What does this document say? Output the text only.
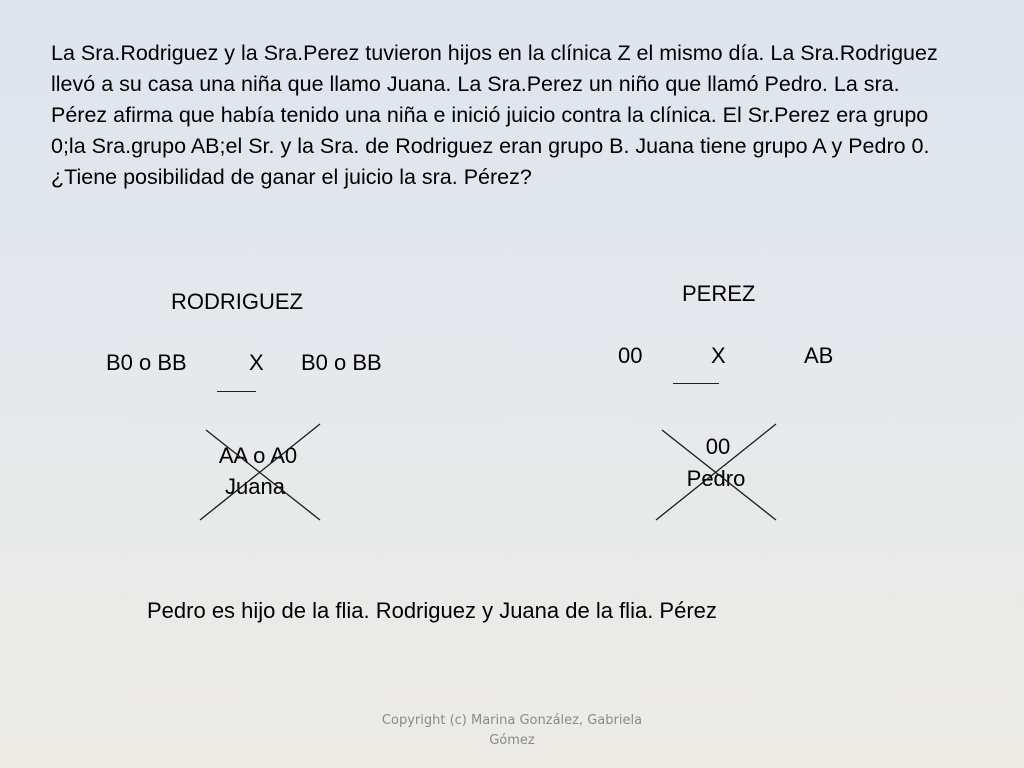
La Sra.Rodriguez y la Sra.Perez tuvieron hijos en la clínica Z el mismo día. La Sra.Rodriguez llevó a su casa una niña que llamo Juana. La Sra.Perez un niño que llamó Pedro. La sra. Pérez afirma que había tenido una niña e inició juicio contra la clínica. El Sr.Perez era grupo 0;la Sra.grupo AB;el Sr. y la Sra. de Rodriguez eran grupo B. Juana tiene grupo A y Pedro 0. ¿Tiene posibilidad de ganar el juicio la sra. Pérez?

RODRIGUEZ
B0 o BB	X B0 o BB
AA o A0
Juana
PEREZ
00	X	AB
00
Pedro

Pedro es hijo de la flia. Rodriguez y Juana de la flia. Pérez

Copyright (c) Marina González, Gabriela
Gómez
